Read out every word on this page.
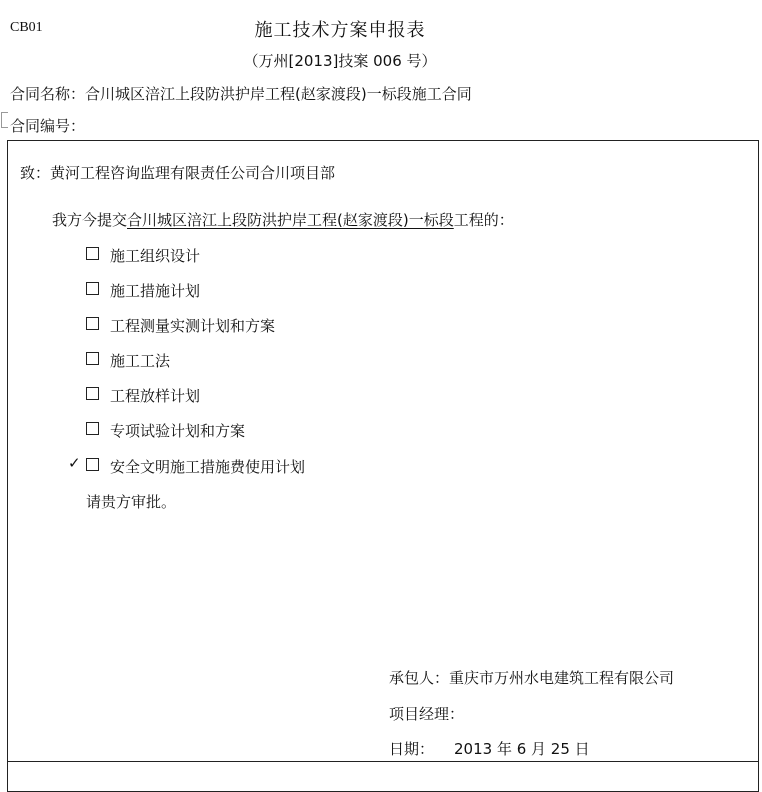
CB01	施工技术方案申报表
（万州[2013]技案 006 号）
合同名称：合川城区涪江上段防洪护岸工程(赵家渡段)一标段施工合同
合同编号：
致：黄河工程咨询监理有限责任公司合川项目部
我方今提交合川城区涪江上段防洪护岸工程(赵家渡段)一标段工程的：
施工组织设计
施工措施计划
工程测量实测计划和方案
施工工法
工程放样计划
专项试验计划和方案
✓ 安全文明施工措施费使用计划
请贵方审批。
承包人：重庆市万州水电建筑工程有限公司
项目经理：
日期： 2013 年 6 月 25 日
